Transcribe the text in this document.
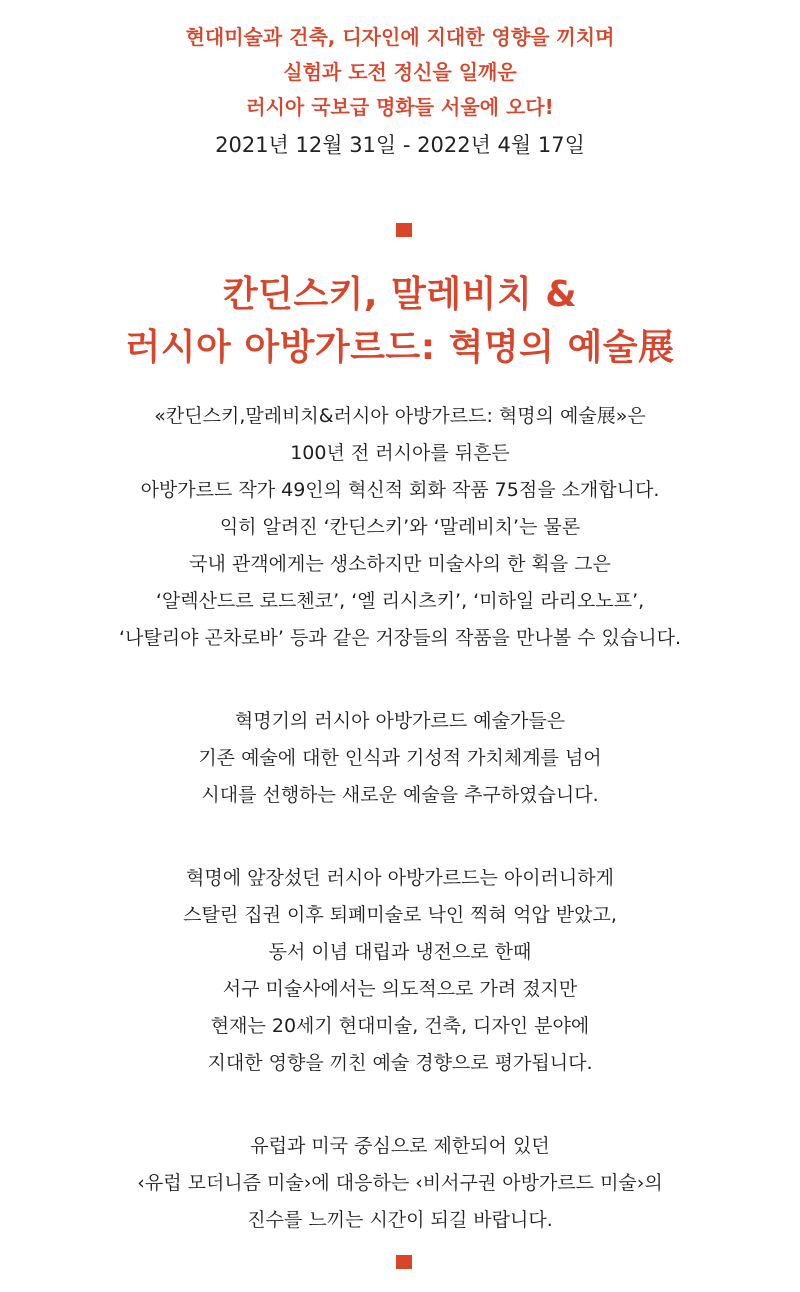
현대미술과 건축, 디자인에 지대한 영향을 끼치며
실험과 도전 정신을 일깨운
러시아 국보급 명화들 서울에 오다!
2021년 12월 31일 - 2022년 4월 17일
칸딘스키, 말레비치 &
러시아 아방가르드: 혁명의 예술展
«칸딘스키,말레비치&러시아 아방가르드: 혁명의 예술展»은
100년 전 러시아를 뒤흔든
아방가르드 작가 49인의 혁신적 회화 작품 75점을 소개합니다.
익히 알려진 ‘칸딘스키’와 ‘말레비치’는 물론
국내 관객에게는 생소하지만 미술사의 한 획을 그은
‘알렉산드르 로드첸코’, ‘엘 리시츠키’, ‘미하일 라리오노프’,
‘나탈리야 곤차로바’ 등과 같은 거장들의 작품을 만나볼 수 있습니다.
혁명기의 러시아 아방가르드 예술가들은
기존 예술에 대한 인식과 기성적 가치체계를 넘어
시대를 선행하는 새로운 예술을 추구하였습니다.
혁명에 앞장섰던 러시아 아방가르드는 아이러니하게
스탈린 집권 이후 퇴폐미술로 낙인 찍혀 억압 받았고,
동서 이념 대립과 냉전으로 한때
서구 미술사에서는 의도적으로 가려 졌지만
현재는 20세기 현대미술, 건축, 디자인 분야에
지대한 영향을 끼친 예술 경향으로 평가됩니다.
유럽과 미국 중심으로 제한되어 있던
‹유럽 모더니즘 미술›에 대응하는 ‹비서구권 아방가르드 미술›의
진수를 느끼는 시간이 되길 바랍니다.
